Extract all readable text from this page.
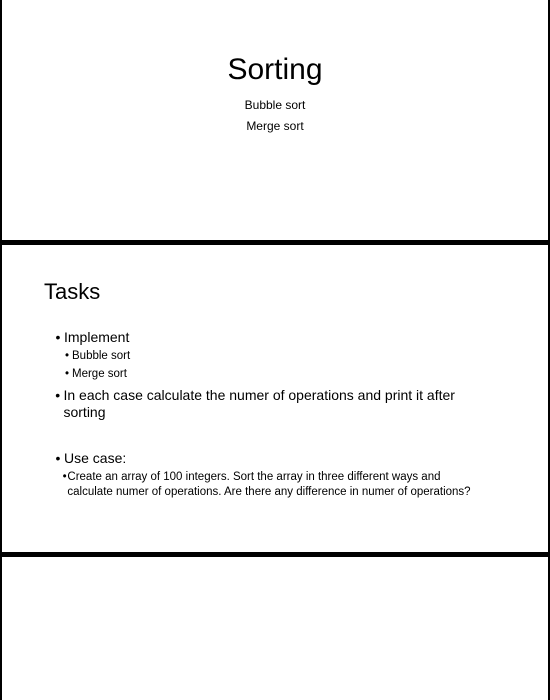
Sorting
Bubble sort
Merge sort
Tasks
• Implement
• Bubble sort
• Merge sort
• In each case calculate the numer of operations and print it after sorting
• Use case:
• Create an array of 100 integers. Sort the array in three different ways and calculate numer of operations. Are there any difference in numer of operations?
